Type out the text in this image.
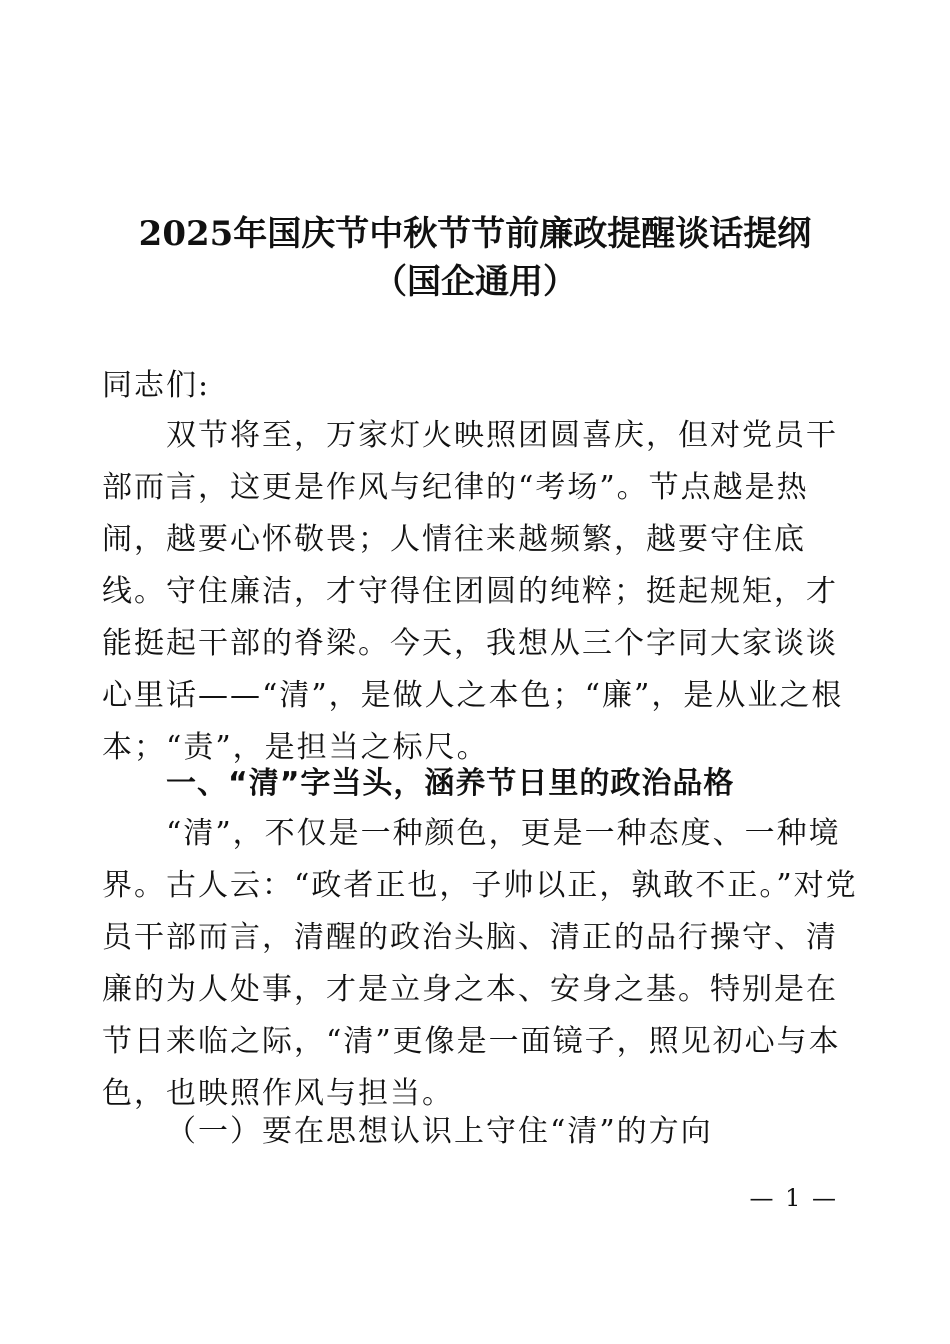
2025年国庆节中秋节节前廉政提醒谈话提纲
（国企通用）
同志们:
双节将至，万家灯火映照团圆喜庆，但对党员干部而言，这更是作风与纪律的“考场”。节点越是热闹，越要心怀敬畏；人情往来越频繁，越要守住底线。守住廉洁，才守得住团圆的纯粹；挺起规矩，才能挺起干部的脊梁。今天，我想从三个字同大家谈谈心里话——“清”，是做人之本色；“廉”，是从业之根本；“责”，是担当之标尺。
一、“清”字当头，涵养节日里的政治品格
“清”，不仅是一种颜色，更是一种态度、一种境界。古人云：“政者正也，子帅以正，孰敢不正。”对党员干部而言，清醒的政治头脑、清正的品行操守、清廉的为人处事，才是立身之本、安身之基。特别是在节日来临之际，“清”更像是一面镜子，照见初心与本色，也映照作风与担当。
（一）要在思想认识上守住“清”的方向
— 1 —
